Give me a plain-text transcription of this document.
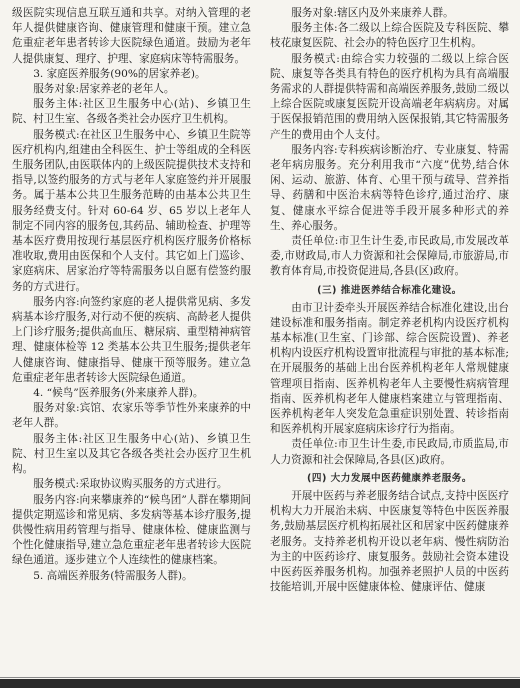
级医院实现信息互联互通和共享。对纳入管理的老年人提供健康咨询、健康管理和健康干预。建立急危重症老年患者转诊大医院绿色通道。鼓励为老年人提供康复、理疗、护理、家庭病床等特需服务。

3. 家庭医养服务(90%的居家养老)。

服务对象:居家养老的老年人。

服务主体:社区卫生服务中心(站)、乡镇卫生院、村卫生室、各级各类社会办医疗卫生机构。

服务模式:在社区卫生服务中心、乡镇卫生院等医疗机构内,组建由全科医生、护士等组成的全科医生服务团队,由医联体内的上级医院提供技术支持和指导,以签约服务的方式与老年人家庭签约并开展服务。属于基本公共卫生服务范畴的由基本公共卫生服务经费支付。针对 60-64 岁、65 岁以上老年人制定不同内容的服务包,其药品、辅助检查、护理等基本医疗费用按现行基层医疗机构医疗服务价格标准收取,费用由医保和个人支付。其它如上门巡诊、家庭病床、居家治疗等特需服务以自愿有偿签约服务的方式进行。

服务内容:向签约家庭的老人提供常见病、多发病基本诊疗服务,对行动不便的疾病、高龄老人提供上门诊疗服务;提供高血压、糖尿病、重型精神病管理、健康体检等 12 类基本公共卫生服务;提供老年人健康咨询、健康指导、健康干预等服务。建立急危重症老年患者转诊大医院绿色通道。

4. “候鸟”医养服务(外来康养人群)。

服务对象:宾馆、农家乐等季节性外来康养的中老年人群。

服务主体:社区卫生服务中心(站)、乡镇卫生院、村卫生室以及其它各级各类社会办医疗卫生机构。

服务模式:采取协议购买服务的方式进行。

服务内容:向来攀康养的“候鸟团”人群在攀期间提供定期巡诊和常见病、多发病等基本诊疗服务,提供慢性病用药管理与指导、健康体检、健康监测与个性化健康指导,建立急危重症老年患者转诊大医院绿色通道。逐步建立个人连续性的健康档案。

5. 高端医养服务(特需服务人群)。

服务对象:辖区内及外来康养人群。

服务主体:各二级以上综合医院及专科医院、攀枝花康复医院、社会办的特色医疗卫生机构。

服务模式:由综合实力较强的二级以上综合医院、康复等各类具有特色的医疗机构为具有高端服务需求的人群提供特需和高端医养服务,鼓励二级以上综合医院或康复医院开设高端老年病病房。对属于医保报销范围的费用纳入医保报销,其它特需服务产生的费用由个人支付。

服务内容:专科疾病诊断治疗、专业康复、特需老年病房服务。充分利用我市“六度”优势,结合休闲、运动、旅游、体育、心里干预与疏导、营养指导、药膳和中医治未病等特色诊疗,通过治疗、康复、健康水平综合促进等手段开展多种形式的养生、养心服务。

责任单位:市卫生计生委,市民政局,市发展改革委,市财政局,市人力资源和社会保障局,市旅游局,市教育体育局,市投资促进局,各县(区)政府。

(三) 推进医养结合标准化建设。

由市卫计委牵头开展医养结合标准化建设,出台建设标准和服务指南。制定养老机构内设医疗机构基本标准(卫生室、门诊部、综合医院设置)、养老机构内设医疗机构设置审批流程与审批的基本标准;在开展服务的基础上出台医养机构老年人常规健康管理项目指南、医养机构老年人主要慢性病病管理指南、医养机构老年人健康档案建立与管理指南、医养机构老年人突发危急重症识别处置、转诊指南和医养机构开展家庭病床诊疗行为指南。

责任单位:市卫生计生委,市民政局,市质监局,市人力资源和社会保障局,各县(区)政府。

(四) 大力发展中医药健康养老服务。

开展中医药与养老服务结合试点,支持中医医疗机构大力开展治未病、中医康复等特色中医医养服务,鼓励基层医疗机构拓展社区和居家中医药健康养老服务。支持养老机构开设以老年病、慢性病防治为主的中医药诊疗、康复服务。鼓励社会资本建设中医药医养服务机构。加强养老照护人员的中医药技能培训,开展中医健康体检、健康评估、健康
